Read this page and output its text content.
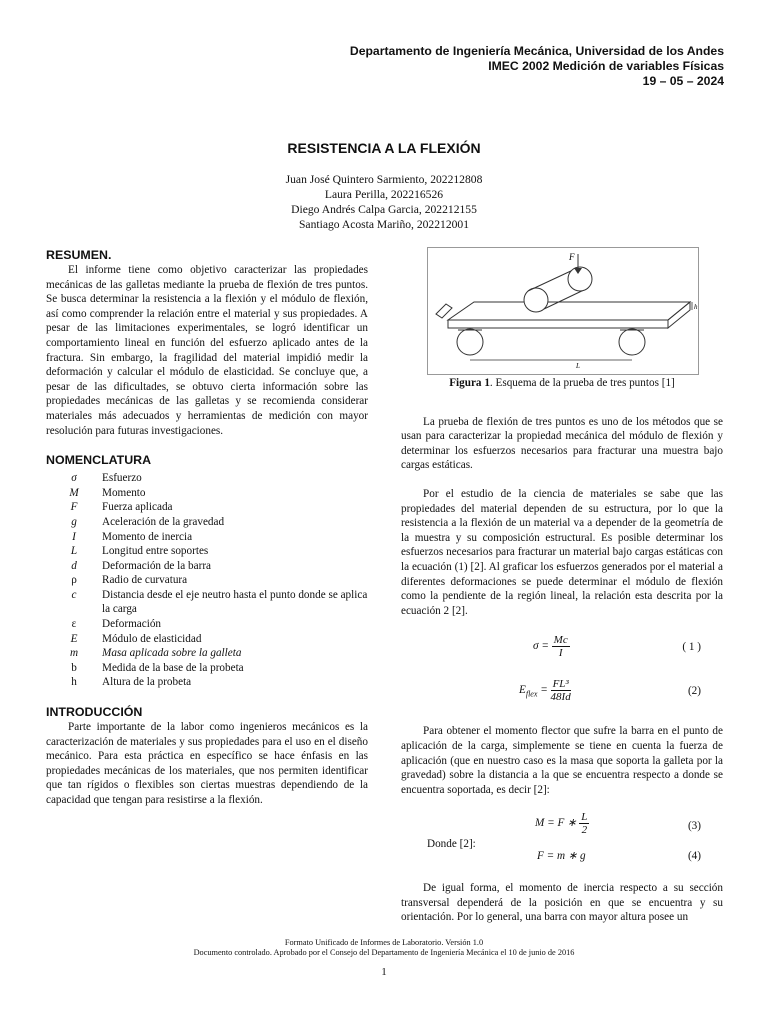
Departamento de Ingeniería Mecánica, Universidad de los Andes
IMEC 2002 Medición de variables Físicas
19 – 05 – 2024
RESISTENCIA A LA FLEXIÓN
Juan José Quintero Sarmiento, 202212808
Laura Perilla, 202216526
Diego Andrés Calpa Garcia, 202212155
Santiago Acosta Mariño, 202212001
RESUMEN.

El informe tiene como objetivo caracterizar las propiedades mecánicas de las galletas mediante la prueba de flexión de tres puntos. Se busca determinar la resistencia a la flexión y el módulo de flexión, así como comprender la relación entre el material y sus propiedades. A pesar de las limitaciones experimentales, se logró identificar un comportamiento lineal en función del esfuerzo aplicado antes de la fractura. Sin embargo, la fragilidad del material impidió medir la deformación y calcular el módulo de elasticidad. Se concluye que, a pesar de las dificultades, se obtuvo cierta información sobre las propiedades mecánicas de las galletas y se recomienda considerar materiales más adecuados y herramientas de medición con mayor resolución para futuras investigaciones.

NOMENCLATURA
σ	Esfuerzo
M	Momento
F	Fuerza aplicada
g	Aceleración de la gravedad
I	Momento de inercia
L	Longitud entre soportes
d	Deformación de la barra
ρ	Radio de curvatura
c	Distancia desde el eje neutro hasta el punto donde se aplica la carga
ε	Deformación
E	Módulo de elasticidad
m	Masa aplicada sobre la galleta
b	Medida de la base de la probeta
h	Altura de la probeta
INTRODUCCIÓN

Parte importante de la labor como ingenieros mecánicos es la caracterización de materiales y sus propiedades para el uso en el diseño mecánico. Para esta práctica en específico se hace énfasis en las propiedades mecánicas de los materiales, que nos permiten identificar que tan rígidos o flexibles son ciertas muestras dependiendo de la capacidad que tengan para resistirse a la flexión.

F
L
h
Figura 1. Esquema de la prueba de tres puntos [1]

La prueba de flexión de tres puntos es uno de los métodos que se usan para caracterizar la propiedad mecánica del módulo de flexión y determinar los esfuerzos necesarios para fracturar una muestra bajo cargas estáticas.

Por el estudio de la ciencia de materiales se sabe que las propiedades del material dependen de su estructura, por lo que la resistencia a la flexión de un material va a depender de la geometría de la muestra y su composición estructural. Es posible determinar los esfuerzos necesarios para fracturar un material bajo cargas estáticas con la ecuación (1) [2]. Al graficar los esfuerzos generados por el material a diferentes deformaciones se puede determinar el módulo de flexión como la pendiente de la región lineal, la relación esta descrita por la ecuación 2 [2].

$\sigma = \frac{Mc}{I}$	( 1 )
$E_{flex} = \frac{\text{FL³}}{48Id}$	(2)

Para obtener el momento flector que sufre la barra en el punto de aplicación de la carga, simplemente se tiene en cuenta la fuerza de aplicación (que en nuestro caso es la masa que soporta la galleta por la gravedad) sobre la distancia a la que se encuentra respecto a donde se encuentra soportada, es decir [2]:

M = F ∗ $\frac{L}{2}$	(3)
Donde [2]:
F = m ∗ g	(4)

De igual forma, el momento de inercia respecto a su sección transversal dependerá de la posición en que se encuentra y su orientación. Por lo general, una barra con mayor altura posee un

Formato Unificado de Informes de Laboratorio. Versión 1.0
Documento controlado. Aprobado por el Consejo del Departamento de Ingeniería Mecánica el 10 de junio de 2016
1
